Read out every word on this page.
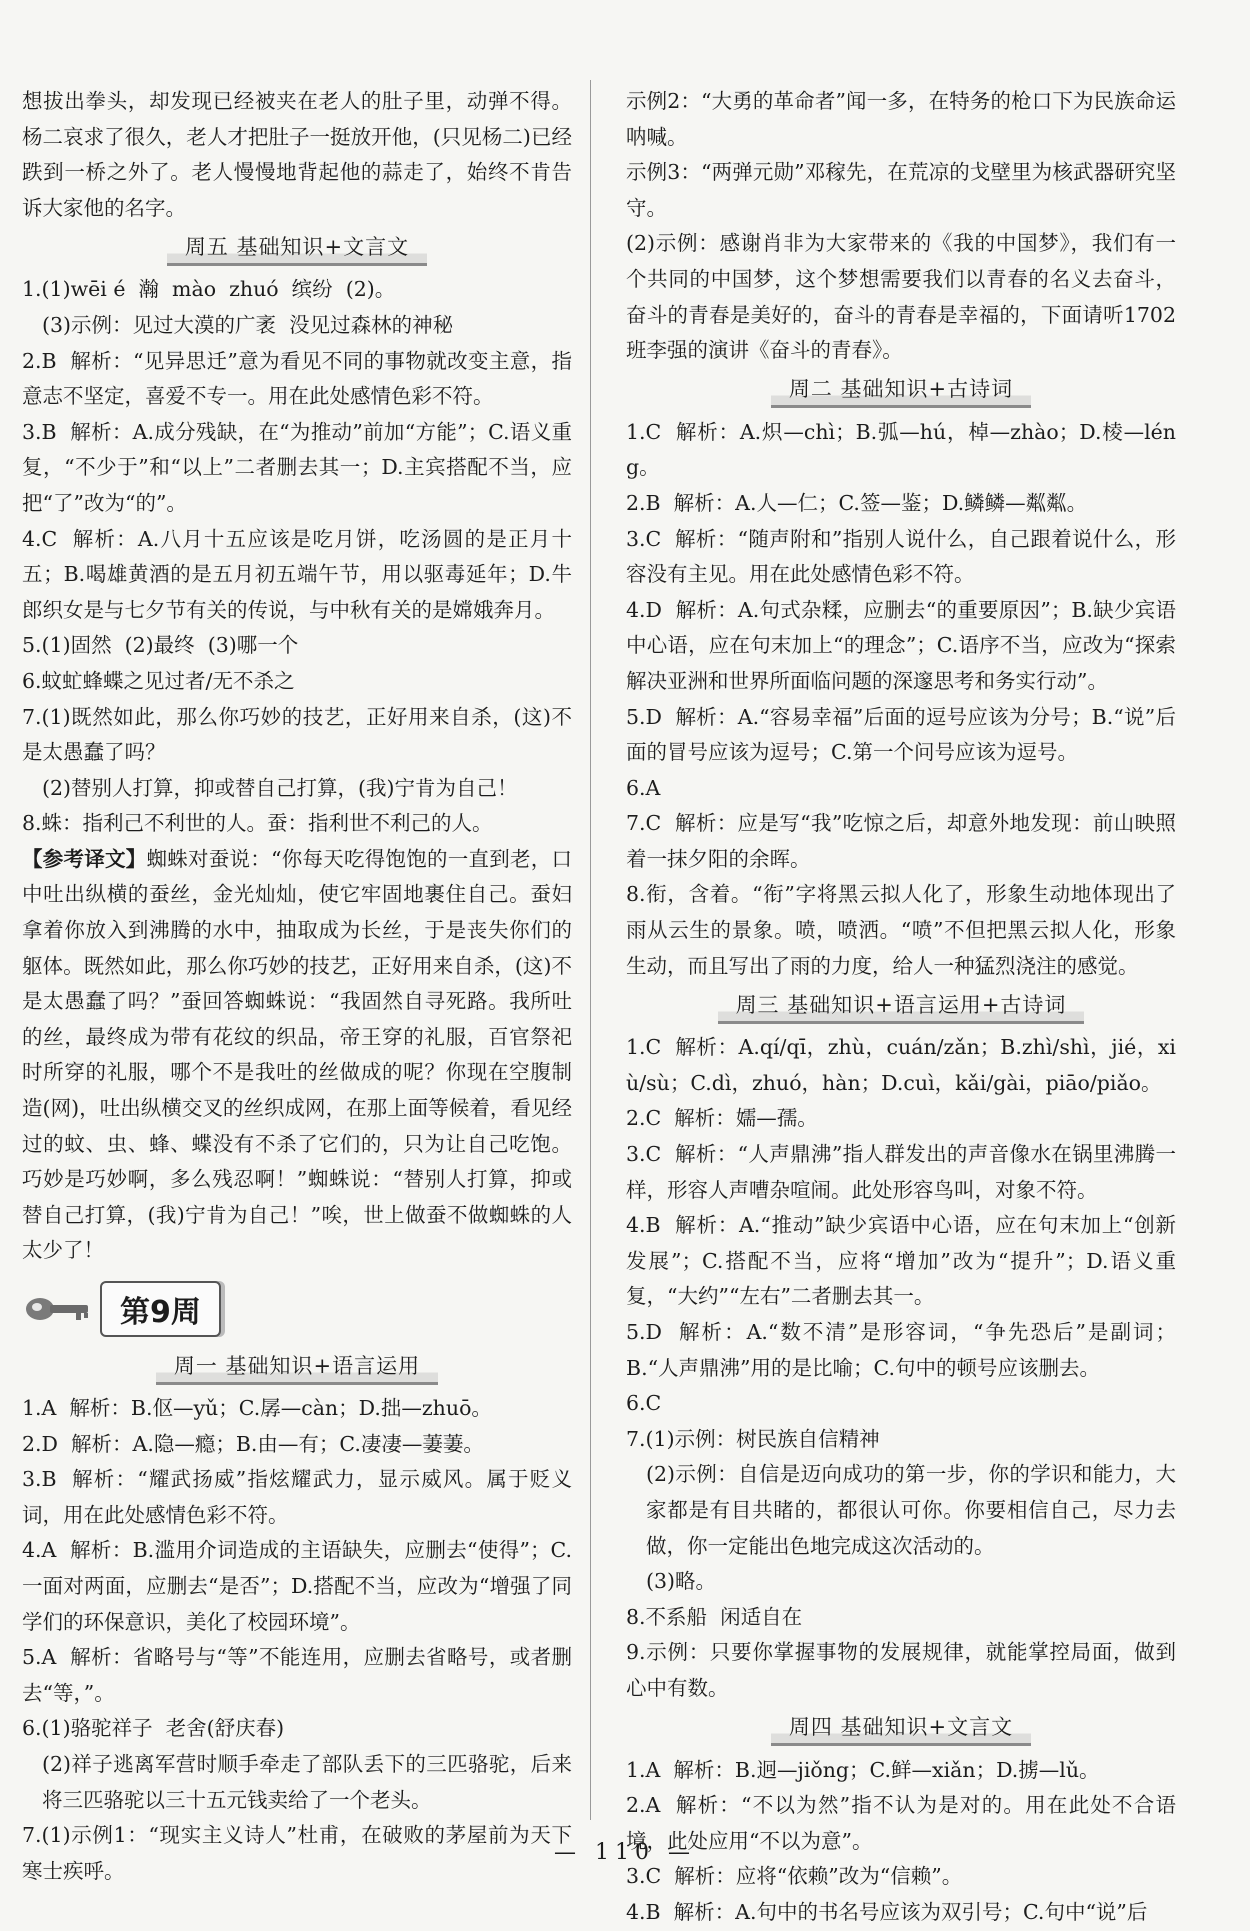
想拔出拳头，却发现已经被夹在老人的肚子里，动弹不得。杨二哀求了很久，老人才把肚子一挺放开他，(只见杨二)已经跌到一桥之外了。老人慢慢地背起他的蒜走了，始终不肯告诉大家他的名字。

周五 基础知识+文言文

1.(1)wēi é  瀚  mào  zhuó  缤纷  (2)。

(3)示例：见过大漠的广袤  没见过森林的神秘

2.B  解析：“见异思迁”意为看见不同的事物就改变主意，指意志不坚定，喜爱不专一。用在此处感情色彩不符。

3.B  解析：A.成分残缺，在“为推动”前加“方能”；C.语义重复，“不少于”和“以上”二者删去其一；D.主宾搭配不当，应把“了”改为“的”。

4.C  解析：A.八月十五应该是吃月饼，吃汤圆的是正月十五；B.喝雄黄酒的是五月初五端午节，用以驱毒延年；D.牛郎织女是与七夕节有关的传说，与中秋有关的是嫦娥奔月。

5.(1)固然  (2)最终  (3)哪一个

6.蚊虻蜂蝶之见过者/无不杀之

7.(1)既然如此，那么你巧妙的技艺，正好用来自杀，(这)不是太愚蠢了吗？

(2)替别人打算，抑或替自己打算，(我)宁肯为自己！

8.蛛：指利己不利世的人。蚕：指利世不利己的人。

【参考译文】蜘蛛对蚕说：“你每天吃得饱饱的一直到老，口中吐出纵横的蚕丝，金光灿灿，使它牢固地裹住自己。蚕妇拿着你放入到沸腾的水中，抽取成为长丝，于是丧失你们的躯体。既然如此，那么你巧妙的技艺，正好用来自杀，(这)不是太愚蠢了吗？”蚕回答蜘蛛说：“我固然自寻死路。我所吐的丝，最终成为带有花纹的织品，帝王穿的礼服，百官祭祀时所穿的礼服，哪个不是我吐的丝做成的呢？你现在空腹制造(网)，吐出纵横交叉的丝织成网，在那上面等候着，看见经过的蚊、虫、蜂、蝶没有不杀了它们的，只为让自己吃饱。巧妙是巧妙啊，多么残忍啊！”蜘蛛说：“替别人打算，抑或替自己打算，(我)宁肯为自己！”唉，世上做蚕不做蜘蛛的人太少了！

第9周
周一 基础知识+语言运用

1.A  解析：B.伛—yǔ；C.孱—càn；D.拙—zhuō。

2.D  解析：A.隐—瘾；B.由—有；C.凄凄—萋萋。

3.B  解析：“耀武扬威”指炫耀武力，显示威风。属于贬义词，用在此处感情色彩不符。

4.A  解析：B.滥用介词造成的主语缺失，应删去“使得”；C.一面对两面，应删去“是否”；D.搭配不当，应改为“增强了同学们的环保意识，美化了校园环境”。

5.A  解析：省略号与“等”不能连用，应删去省略号，或者删去“等，”。

6.(1)骆驼祥子  老舍(舒庆春)

(2)祥子逃离军营时顺手牵走了部队丢下的三匹骆驼，后来将三匹骆驼以三十五元钱卖给了一个老头。

7.(1)示例1：“现实主义诗人”杜甫，在破败的茅屋前为天下寒士疾呼。

示例2：“大勇的革命者”闻一多，在特务的枪口下为民族命运呐喊。

示例3：“两弹元勋”邓稼先，在荒凉的戈壁里为核武器研究坚守。

(2)示例：感谢肖非为大家带来的《我的中国梦》，我们有一个共同的中国梦，这个梦想需要我们以青春的名义去奋斗，奋斗的青春是美好的，奋斗的青春是幸福的，下面请听1702班李强的演讲《奋斗的青春》。

周二 基础知识+古诗词

1.C  解析：A.炽—chì；B.弧—hú，棹—zhào；D.棱—léng。

2.B  解析：A.人—仁；C.签—鉴；D.鳞鳞—粼粼。

3.C  解析：“随声附和”指别人说什么，自己跟着说什么，形容没有主见。用在此处感情色彩不符。

4.D  解析：A.句式杂糅，应删去“的重要原因”；B.缺少宾语中心语，应在句末加上“的理念”；C.语序不当，应改为“探索解决亚洲和世界所面临问题的深邃思考和务实行动”。

5.D  解析：A.“容易幸福”后面的逗号应该为分号；B.“说”后面的冒号应该为逗号；C.第一个问号应该为逗号。

6.A

7.C  解析：应是写“我”吃惊之后，却意外地发现：前山映照着一抹夕阳的余晖。

8.衔，含着。“衔”字将黑云拟人化了，形象生动地体现出了雨从云生的景象。喷，喷洒。“喷”不但把黑云拟人化，形象生动，而且写出了雨的力度，给人一种猛烈浇注的感觉。

周三 基础知识+语言运用+古诗词

1.C  解析：A.qí/qī，zhù，cuán/zǎn；B.zhì/shì，jié，xiù/sù；C.dì，zhuó，hàn；D.cuì，kǎi/gài，piāo/piǎo。

2.C  解析：嬬—孺。

3.C  解析：“人声鼎沸”指人群发出的声音像水在锅里沸腾一样，形容人声嘈杂喧闹。此处形容鸟叫，对象不符。

4.B  解析：A.“推动”缺少宾语中心语，应在句末加上“创新发展”；C.搭配不当，应将“增加”改为“提升”；D.语义重复，“大约”“左右”二者删去其一。

5.D  解析：A.“数不清”是形容词，“争先恐后”是副词；B.“人声鼎沸”用的是比喻；C.句中的顿号应该删去。

6.C

7.(1)示例：树民族自信精神

(2)示例：自信是迈向成功的第一步，你的学识和能力，大家都是有目共睹的，都很认可你。你要相信自己，尽力去做，你一定能出色地完成这次活动的。

(3)略。

8.不系船  闲适自在

9.示例：只要你掌握事物的发展规律，就能掌控局面，做到心中有数。

周四 基础知识+文言文

1.A  解析：B.迥—jiǒng；C.鲜—xiǎn；D.掳—lǔ。

2.A  解析：“不以为然”指不认为是对的。用在此处不合语境，此处应用“不以为意”。

3.C  解析：应将“依赖”改为“信赖”。

4.B  解析：A.句中的书名号应该为双引号；C.句中“说”后

— 110 —
